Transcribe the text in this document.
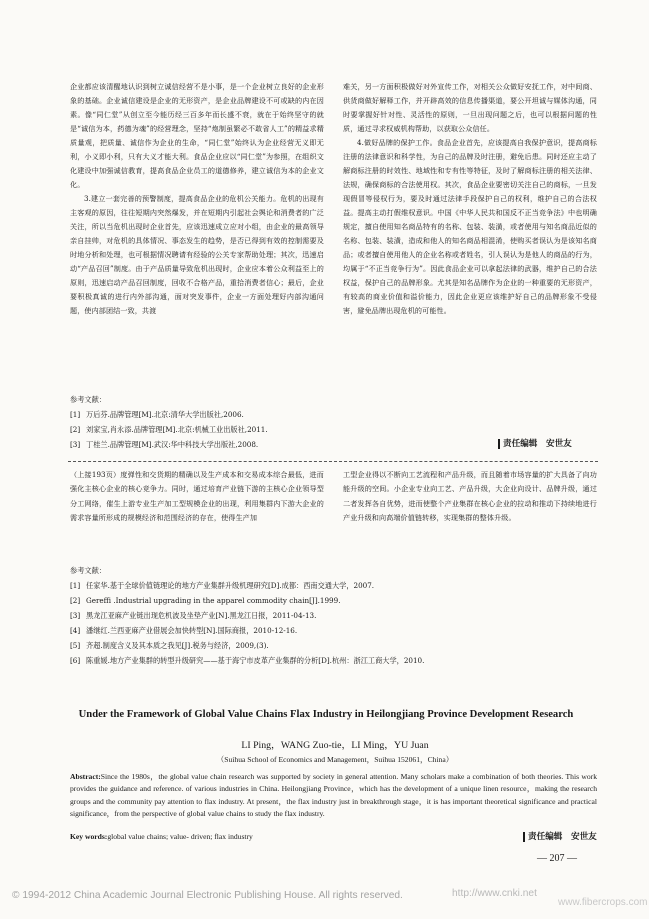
企业都应该清醒地认识到树立诚信经营不是小事，是一个企业树立良好的企业形象的基础。企业诚信建设是企业的无形资产，是企业品牌建设不可或缺的内在因素。像“同仁堂”从创立至今能历经三百多年而长盛不衰，就在于始终坚守的就是“诚信为本，药德为魂”的经营理念，坚持“炮制虽繁必不敢省人工”的精益求精质量观，把质量、诚信作为企业的生命，“同仁堂”始终认为企业经营无义即无利，小义即小利，只有大义才能大利。食品企业应以“同仁堂”为参照，在组织文化建设中加强诚信教育，提高食品企业员工的道德修养，建立诚信为本的企业文化。

3.建立一套完善的预警制度，提高食品企业的危机公关能力。危机的出现有主客观的原因，往往短期内突然爆发，并在短期内引起社会舆论和消费者的广泛关注，所以当危机出现时企业首先，应该迅速成立应对小组，由企业的最高领导亲自挂帅，对危机的具体情况、事态发生的趋势，是否已得到有效的控制需要及时地分析和处理，也可根据情况聘请有经验的公关专家帮助处理；其次，迅速启动“产品召回”制度。由于产品质量导致危机出现时，企业应本着公众利益至上的原则，迅速启动产品召回制度，回收不合格产品，重拾消费者信心；最后，企业要积极真诚的进行内外部沟通，面对突发事件，企业一方面处理好内部沟通问题，使内部团结一致，共渡

难关，另一方面积极做好对外宣传工作，对相关公众做好安抚工作，对中间商、供货商做好解释工作，并开辟高效的信息传播渠道，要公开坦诚与媒体沟通，同时要掌握好针对性、灵活性的原则，一旦出现问题之后，也可以根据问题的性质，通过寻求权威机构帮助，以获取公众信任。

4.做好品牌的保护工作。食品企业首先，应该提高自我保护意识，提高商标注册的法律意识和科学性，为自己的品牌及时注册，避免后患。同时还应主动了解商标注册的时效性、地域性和专有性等特征，及时了解商标注册的相关法律、法规，确保商标的合法使用权。其次，食品企业要密切关注自己的商标，一旦发现假冒等侵权行为，要及时通过法律手段保护自己的权利，维护自己的合法权益。提高主动打假维权意识。中国《中华人民共和国反不正当竞争法》中也明确规定，擅自使用知名商品特有的名称、包装、装潢，或者使用与知名商品近似的名称、包装、装潢，造成和他人的知名商品相混淆，使购买者误认为是该知名商品；或者擅自使用他人的企业名称或者姓名，引人误认为是他人的商品的行为，均属于“不正当竞争行为”。因此食品企业可以拿起法律的武器，维护自己的合法权益，保护自己的品牌形象。尤其是知名品牌作为企业的一种重要的无形资产，有较高的商业价值和溢价能力，因此企业更应该维护好自己的品牌形象不受侵害，避免品牌出现危机的可能性。

参考文献：
[1] 万后芬.品牌管理[M].北京:清华大学出版社,2006.
[2] 刘家宝,肖永添.品牌管理[M].北京:机械工业出版社,2011.
[3] 丁桂兰.品牌管理[M].武汉:华中科技大学出版社,2008.	责任编辑　安世友

（上接193页）度弹性和交货期的精确以及生产成本和交易成本综合最低，进而强化主核心企业的核心竞争力。同时，通过培育产业链下游的主核心企业领导型分工网络，催生上游专业生产加工型规模企业的出现，利用集群内下游大企业的需求容量所形成的规模经济和范围经济的存在，使得生产加

工型企业得以不断向工艺流程和产品升级，而且随着市场容量的扩大具备了向功能升级的空间。小企业专业向工艺、产品升级，大企业向设计、品牌升级，通过二者发挥各自优势，进而使整个产业集群在核心企业的拉动和推动下持续地进行产业升级和向高端价值链转移，实现集群的整体升级。

参考文献：
[1] 任家华.基于全球价值链理论的地方产业集群升级机理研究[D].成都：西南交通大学，2007.
[2] Gereffi .Industrial upgrading in the apparel commodity chain[J].1999.
[3] 黑龙江亚麻产业链出现危机波及坐垫产业[N].黑龙江日报，2011-04-13.
[4] 潘继红.兰西亚麻产业借展会加快转型[N].国际商报，2010-12-16.
[5] 齐超.制度含义及其本质之我见[J].税务与经济，2009,(3).
[6] 陈重媛.地方产业集群的转型升级研究——基于海宁市皮革产业集群的分析[D].杭州：浙江工商大学，2010.
Under the Framework of Global Value Chains Flax Industry in Heilongjiang Province Development Research
LI Ping，WANG Zuo-tie，LI Ming，YU Juan
（Suihua School of Economics and Management，Suihua 152061，China）
Abstract:Since the 1980s，the global value chain research was supported by society in general attention. Many scholars make a combination of both theories. This work provides the guidance and reference. of various industries in China. Heilongjiang Province，which has the development of a unique linen resource，making the research groups and the community pay attention to flax industry. At present，the flax industry just in breakthrough stage，it is has important theoretical significance and practical significance，from the perspective of global value chains to study the flax industry.
Key words:global value chains; value- driven; flax industry	责任编辑　安世友
— 207 —
© 1994-2012 China Academic Journal Electronic Publishing House. All rights reserved.	http://www.cnki.net
www.fibercrops.com
